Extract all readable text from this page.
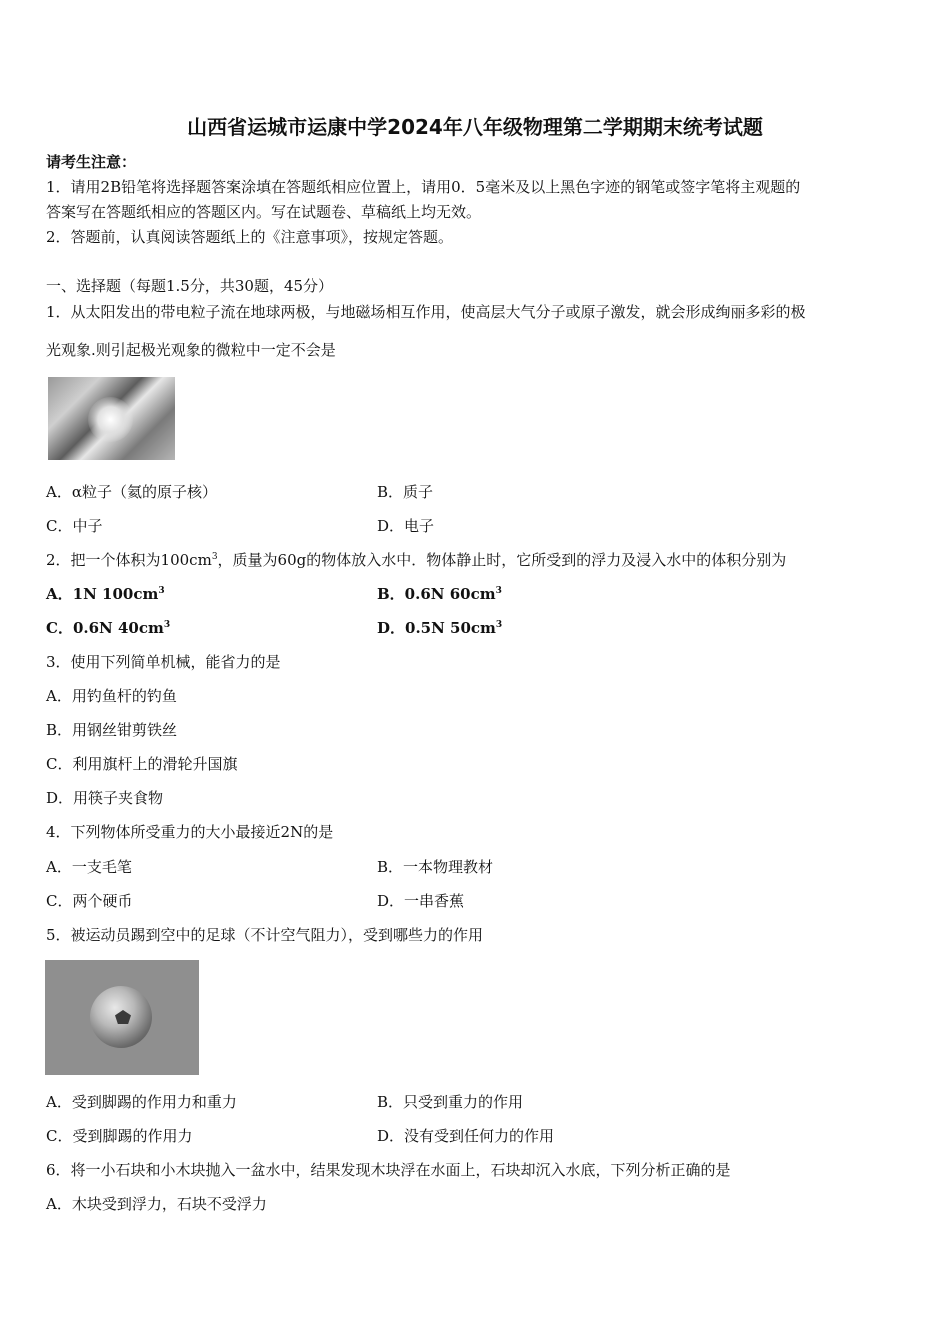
山西省运城市运康中学2024年八年级物理第二学期期末统考试题
请考生注意：
1．请用2B铅笔将选择题答案涂填在答题纸相应位置上，请用0．5毫米及以上黑色字迹的钢笔或签字笔将主观题的
答案写在答题纸相应的答题区内。写在试题卷、草稿纸上均无效。
2．答题前，认真阅读答题纸上的《注意事项》，按规定答题。
一、选择题（每题1.5分，共30题，45分）
1．从太阳发出的带电粒子流在地球两极，与地磁场相互作用，使高层大气分子或原子激发，就会形成绚丽多彩的极
光观象.则引起极光观象的微粒中一定不会是
A．α粒子（氦的原子核）	B．质子
C．中子	D．电子
2．把一个体积为$100cm^3$，质量为60g的物体放入水中．物体静止时，它所受到的浮力及浸入水中的体积分别为
A．1N $100cm^3$	B．0.6N $60cm^3$
C．0.6N $40cm^3$	D．0.5N $50cm^3$
3．使用下列简单机械，能省力的是
A．用钓鱼杆的钓鱼
B．用钢丝钳剪铁丝
C．利用旗杆上的滑轮升国旗
D．用筷子夹食物
4．下列物体所受重力的大小最接近2N的是
A．一支毛笔	B．一本物理教材
C．两个硬币	D．一串香蕉
5．被运动员踢到空中的足球（不计空气阻力），受到哪些力的作用
A．受到脚踢的作用力和重力	B．只受到重力的作用
C．受到脚踢的作用力	D．没有受到任何力的作用
6．将一小石块和小木块抛入一盆水中，结果发现木块浮在水面上，石块却沉入水底，下列分析正确的是
A．木块受到浮力，石块不受浮力
